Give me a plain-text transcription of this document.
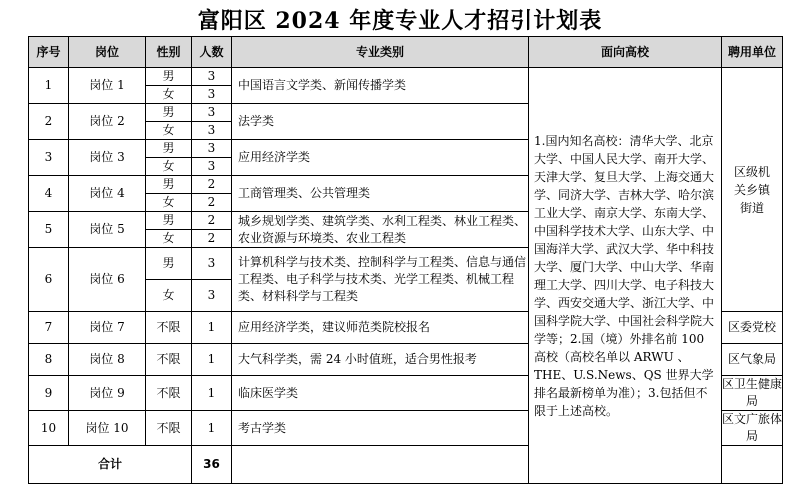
富阳区 2024 年度专业人才招引计划表
序号	岗位	性别	人数	专业类别	面向高校	聘用单位	
1	岗位 1	男	3	中国语言文学类、新闻传播学类	1.国内知名高校：清华大学、北京大学、中国人民大学、南开大学、天津大学、复旦大学、上海交通大学、同济大学、吉林大学、哈尔滨工业大学、南京大学、东南大学、中国科学技术大学、山东大学、中国海洋大学、武汉大学、华中科技大学、厦门大学、中山大学、华南理工大学、四川大学、电子科技大学、西安交通大学、浙江大学、中国科学院大学、中国社会科学院大学等；2.国（境）外排名前 100 高校（高校名单以 ARWU 、THE、U.S.News、QS 世界大学排名最新榜单为准）；3.包括但不限于上述高校。	区级机关乡镇街道	

		女	3				
2	岗位 2	男	3	法学类			
		女	3				
3	岗位 3	男	3	应用经济学类			
		女	3				
4	岗位 4	男	2	工商管理类、公共管理类			
		女	2				
5	岗位 5	男	2	城乡规划学类、建筑学类、水利工程类、林业工程类、农业资源与环境类、农业工程类			
		女	2				
6	岗位 6	男	3	计算机科学与技术类、控制科学与工程类、信息与通信工程类、电子科学与技术类、光学工程类、机械工程类、材料科学与工程类			
		女	3				
7	岗位 7	不限	1	应用经济学类，建议师范类院校报名		区委党校	
8	岗位 8	不限	1	大气科学类，需 24 小时值班，适合男性报考		区气象局	
9	岗位 9	不限	1	临床医学类		区卫生健康局	
10	岗位 10	不限	1	考古学类		区文广旅体局	
合计			36				
